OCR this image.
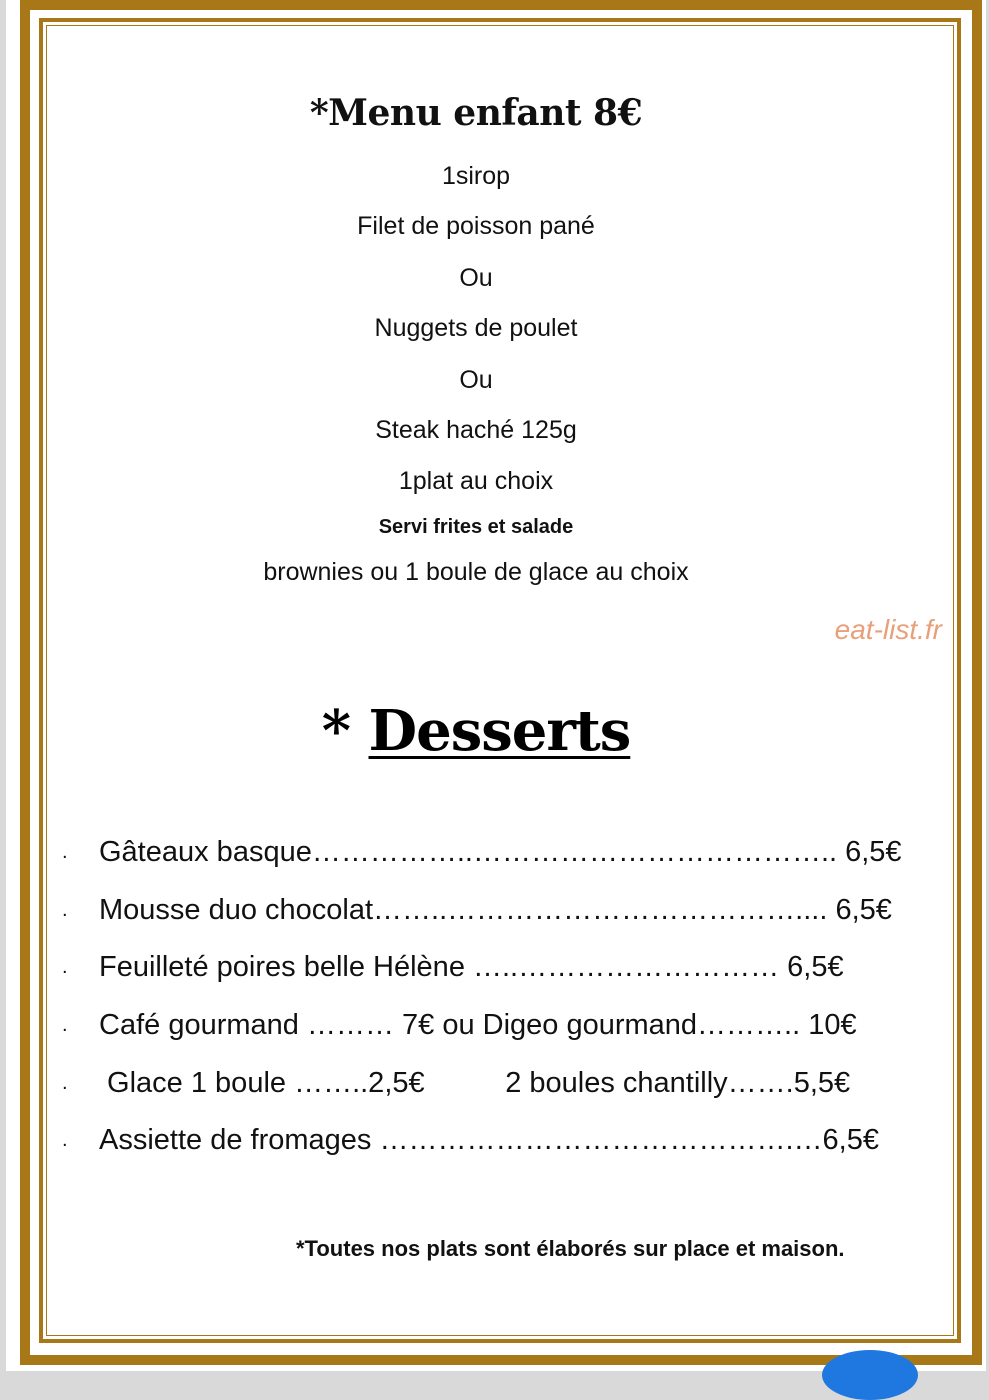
*Menu enfant 8€
1sirop
Filet de poisson pané
Ou
Nuggets de poulet
Ou
Steak haché 125g
1plat au choix
Servi frites et salade
brownies ou 1 boule de glace au choix
eat-list.fr
* Desserts
. Gâteaux basque……………..……………………………….. 6,5€
. Mousse duo chocolat……..……………………………….... 6,5€
. Feuilleté poires belle Hélène …..……………………… 6,5€
. Café gourmand ……… 7€ ou Digeo gourmand……….. 10€
. Glace 1 boule ……..2,5€          2 boules chantilly…….5,5€
. Assiette de fromages …………………………………….…6,5€
*Toutes nos plats sont élaborés sur place et maison.
